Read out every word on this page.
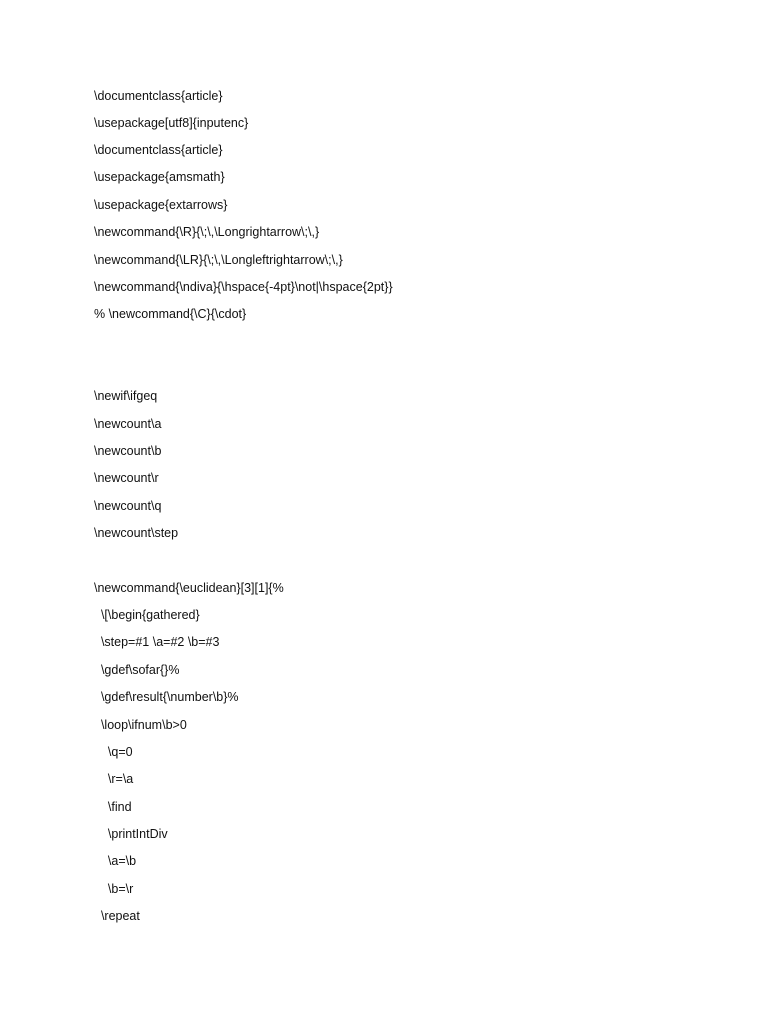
\documentclass{article}
\usepackage[utf8]{inputenc}
\documentclass{article}
\usepackage{amsmath}
\usepackage{extarrows}
\newcommand{\R}{\;\,\Longrightarrow\;\,}
\newcommand{\LR}{\;\,\Longleftrightarrow\;\,}
\newcommand{\ndiva}{\hspace{-4pt}\not|\hspace{2pt}}
% \newcommand{\C}{\cdot}
\newif\ifgeq
\newcount\a
\newcount\b
\newcount\r
\newcount\q
\newcount\step
\newcommand{\euclidean}[3][1]{%
\[\begin{gathered}
\step=#1 \a=#2 \b=#3
\gdef\sofar{}%
\gdef\result{\number\b}%
\loop\ifnum\b>0
\q=0
\r=\a
\find
\printIntDiv
\a=\b
\b=\r
\repeat
